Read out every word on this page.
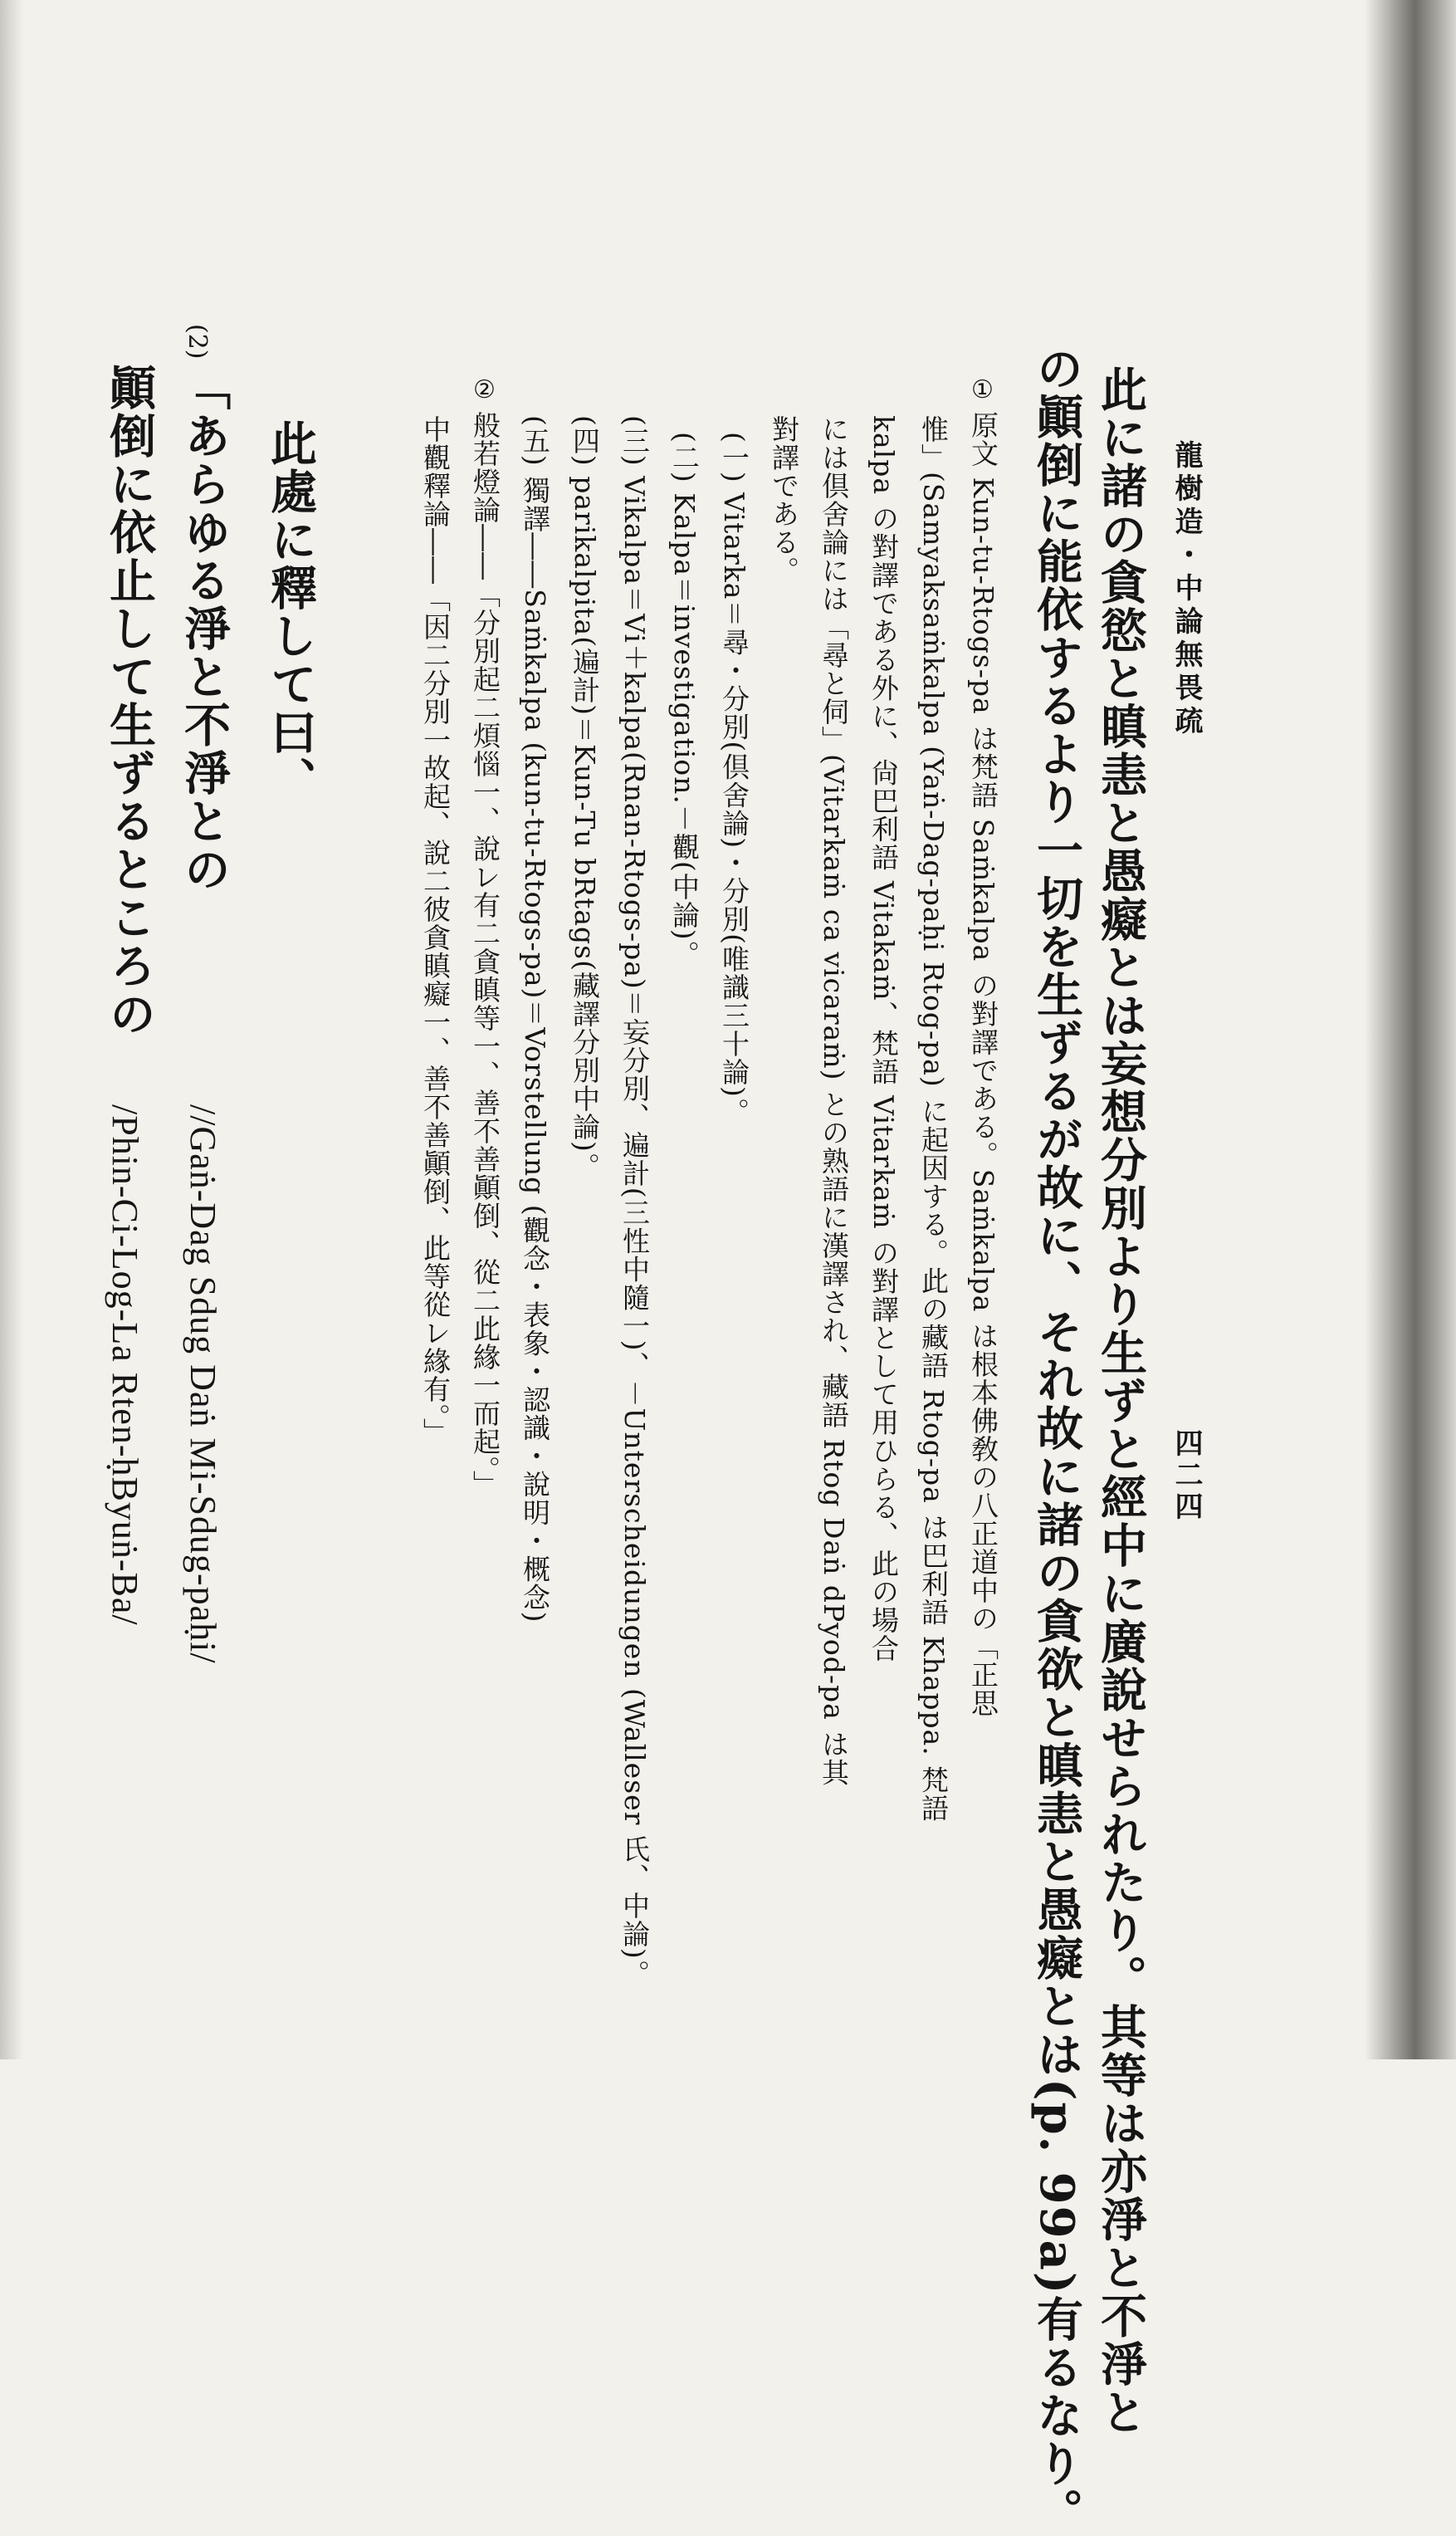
龍樹造・中論無畏疏
四二四
此に諸の貪慾と瞋恚と愚癡とは妄想分別より生ずと經中に廣說せられたり。其等は亦淨と不淨と
の顚倒に能依するより一切を生ずるが故に、それ故に諸の貪欲と瞋恚と愚癡とは(p. 99a)有るなり。
①
原文 Kun-tu-Rtogs-pa は梵語 Saṁkalpa の對譯である。Saṁkalpa は根本佛敎の八正道中の「正思
惟」(Samyaksaṁkalpa (Yaṅ-Dag-paḥi Rtog-pa) に起因する。此の藏語 Rtog-pa は巴利語 Khappa. 梵語
kalpa の對譯である外に、尙巴利語 Vitakaṁ、梵語 Vitarkaṁ の對譯として用ひらる、此の場合
には倶舍論には「尋と伺」(Vitarkaṁ ca vicaraṁ) との熟語に漢譯され、藏語 Rtog Daṅ dPyod-pa は其
對譯である。
(一) Vitarka＝尋・分別(倶舍論)・分別(唯識三十論)。
(二) Kalpa＝investigation.－觀(中論)。
(三) Vikalpa＝Vi＋kalpa(Rnan-Rtogs-pa)＝妄分別、遍計(三性中隨一)、－Unterscheidungen (Walleser 氏、中論)。
(四) parikalpita(遍計)＝Kun-Tu bRtags(藏譯分別中論)。
(五) 獨譯――Saṁkalpa (kun-tu-Rtogs-pa)＝Vorstellung (觀念・表象・認識・說明・概念)
②
般若燈論――「分別起二煩惱一、說レ有二貪瞋等一、善不善顚倒、從二此緣一而起。」
中觀釋論――「因二分別一故起、說二彼貪瞋癡一、善不善顚倒、此等從レ緣有。」
此處に釋して曰、
(2)
「あらゆる淨と不淨との
顚倒に依止して生ずるところの
//Gaṅ-Dag Sdug Daṅ Mi-Sdug-paḥi/
/Phin-Ci-Log-La Rten-ḥByuṅ-Ba/
